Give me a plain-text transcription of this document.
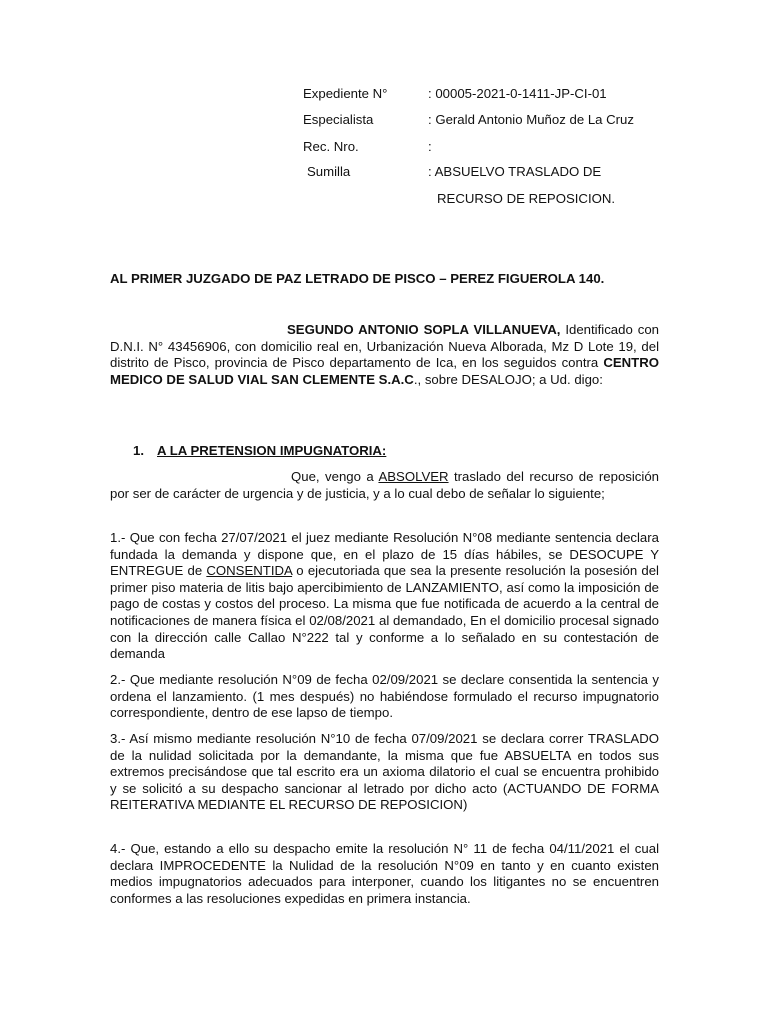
Expediente N°	: 00005-2021-0-1411-JP-CI-01
Especialista	: Gerald Antonio Muñoz de La Cruz
Rec. Nro.	:
Sumilla	: ABSUELVO TRASLADO DE
RECURSO DE REPOSICION.
AL PRIMER JUZGADO DE PAZ LETRADO DE PISCO – PEREZ FIGUEROLA 140.
SEGUNDO ANTONIO SOPLA VILLANUEVA, Identificado con D.N.I. N° 43456906, con domicilio real en, Urbanización Nueva Alborada, Mz D Lote 19, del distrito de Pisco, provincia de Pisco departamento de Ica, en los seguidos contra CENTRO MEDICO DE SALUD VIAL SAN CLEMENTE S.A.C., sobre DESALOJO; a Ud. digo:
1. A LA PRETENSION IMPUGNATORIA:
Que, vengo a ABSOLVER traslado del recurso de reposición por ser de carácter de urgencia y de justicia, y a lo cual debo de señalar lo siguiente;
1.- Que con fecha 27/07/2021 el juez mediante Resolución N°08 mediante sentencia declara fundada la demanda y dispone que, en el plazo de 15 días hábiles, se DESOCUPE Y ENTREGUE de CONSENTIDA o ejecutoriada que sea la presente resolución la posesión del primer piso materia de litis bajo apercibimiento de LANZAMIENTO, así como la imposición de pago de costas y costos del proceso. La misma que fue notificada de acuerdo a la central de notificaciones de manera física el 02/08/2021 al demandado, En el domicilio procesal signado con la dirección calle Callao N°222 tal y conforme a lo señalado en su contestación de demanda
2.- Que mediante resolución N°09 de fecha 02/09/2021 se declare consentida la sentencia y ordena el lanzamiento. (1 mes después) no habiéndose formulado el recurso impugnatorio correspondiente, dentro de ese lapso de tiempo.
3.- Así mismo mediante resolución N°10 de fecha 07/09/2021 se declara correr TRASLADO de la nulidad solicitada por la demandante, la misma que fue ABSUELTA en todos sus extremos precisándose que tal escrito era un axioma dilatorio el cual se encuentra prohibido y se solicitó a su despacho sancionar al letrado por dicho acto (ACTUANDO DE FORMA REITERATIVA MEDIANTE EL RECURSO DE REPOSICION)
4.- Que, estando a ello su despacho emite la resolución N° 11 de fecha 04/11/2021 el cual declara IMPROCEDENTE la Nulidad de la resolución N°09 en tanto y en cuanto existen medios impugnatorios adecuados para interponer, cuando los litigantes no se encuentren conformes a las resoluciones expedidas en primera instancia.
